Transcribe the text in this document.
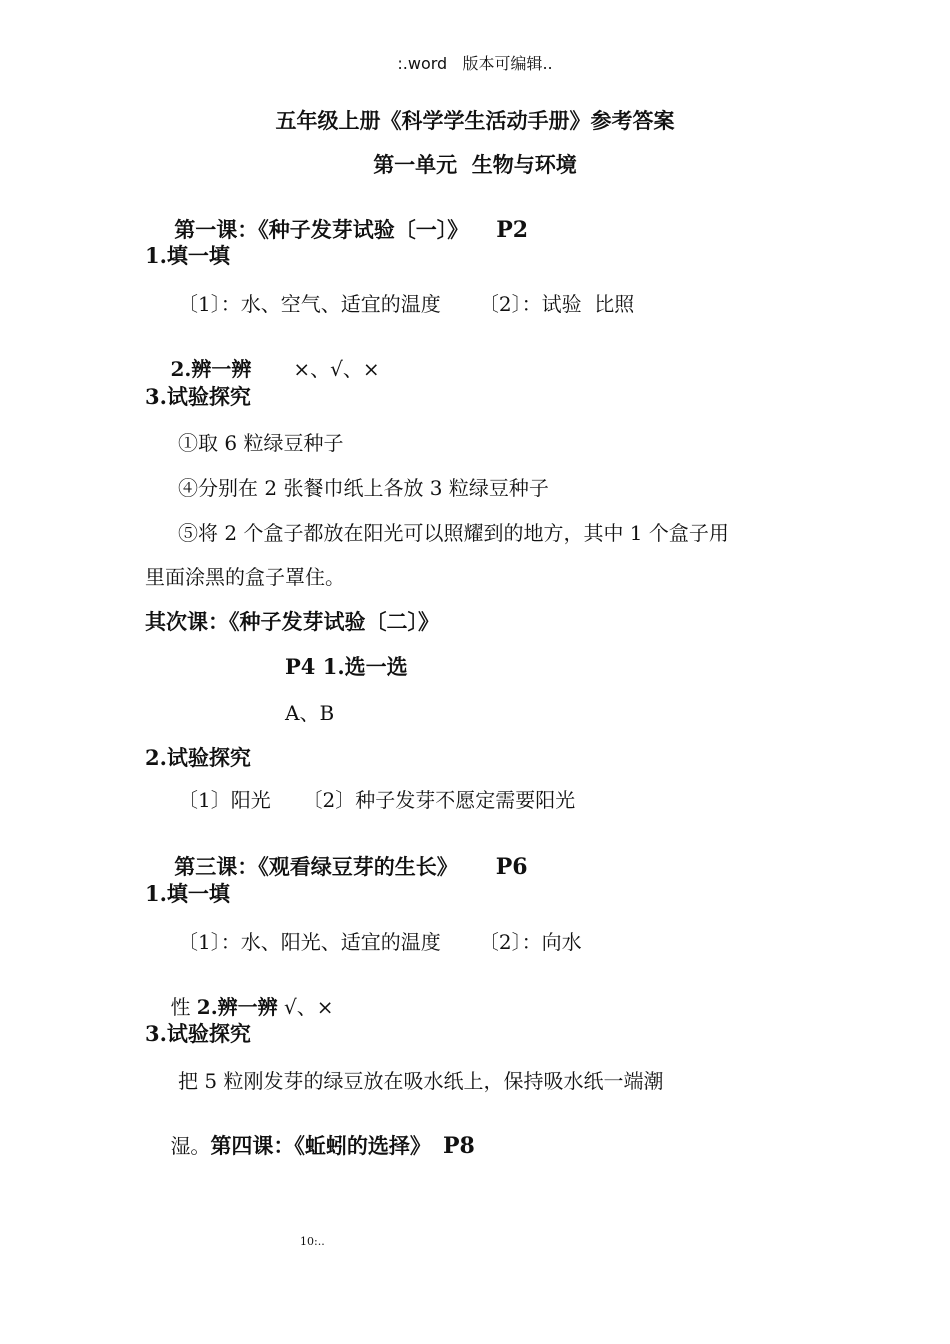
:.word   版本可编辑..
五年级上册《科学学生活动手册》参考答案
第一单元  生物与环境

第一课：《种子发芽试验〔一〕》 P2

1.填一填
〔1〕：水、空气、适宜的温度      〔2〕：试验  比照

2.辨一辨 ×、√、×

3.试验探究
①取 6 粒绿豆种子
④分别在 2 张餐巾纸上各放 3 粒绿豆种子
⑤将 2 个盒子都放在阳光可以照耀到的地方，其中 1 个盒子用
里面涂黑的盒子罩住。
其次课：《种子发芽试验〔二〕》
P4 1.选一选
A、B
2.试验探究
〔1〕阳光     〔2〕种子发芽不愿定需要阳光

第三课：《观看绿豆芽的生长》 P6

1.填一填
〔1〕：水、阳光、适宜的温度      〔2〕：向水

性 2.辨一辨 √、×

3.试验探究
把 5 粒刚发芽的绿豆放在吸水纸上，保持吸水纸一端潮

湿。第四课：《蚯蚓的选择》 P8

10:..
